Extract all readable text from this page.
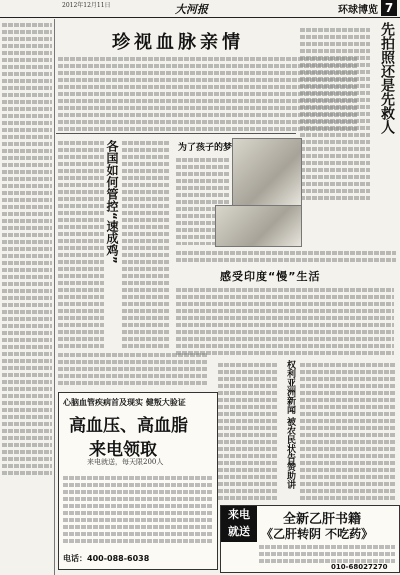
2012年12月11日	大河报	环球博览 7
珍视血脉亲情	先拍照还是先救人
各国如何管控“速成鸡”	为了孩子的梦
感受印度“慢”生活
心脑血管疾病首及现实 健叛大验证
高血压、高血脂
来电领取
来电就送，每天限200人
电话：400-088-6038
权利亚洲新闻 被农民状告赞助讲
来电
就送
全新乙肝书籍
《乙肝转阴 不吃药》
010-68027270
